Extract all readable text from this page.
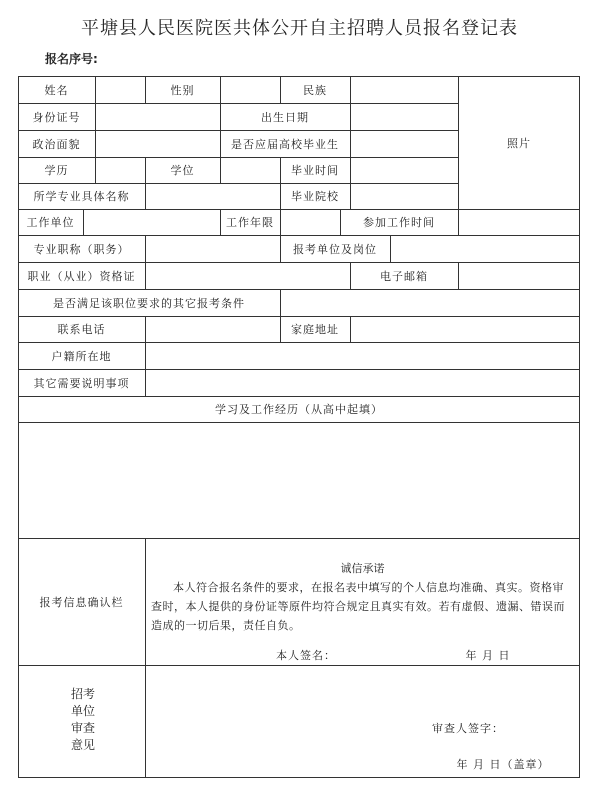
平塘县人民医院医共体公开自主招聘人员报名登记表
报名序号:
姓名	性别	民族
照片
身份证号	出生日期
政治面貌	是否应届高校毕业生
学历	学位	毕业时间
所学专业具体名称	毕业院校
工作单位	工作年限	参加工作时间
专业职称（职务）	报考单位及岗位
职业（从业）资格证	电子邮箱
是否满足该职位要求的其它报考条件
联系电话	家庭地址
户籍所在地
其它需要说明事项
学习及工作经历（从高中起填）
报考信息确认栏
诚信承诺
本人符合报名条件的要求，在报名表中填写的个人信息均准确、真实。资格审查时，本人提供的身份证等原件均符合规定且真实有效。若有虚假、遗漏、错误而造成的一切后果，责任自负。
本人签名：	年 月 日
招考
单位
审查
意见
审查人签字：
年 月 日（盖章）
